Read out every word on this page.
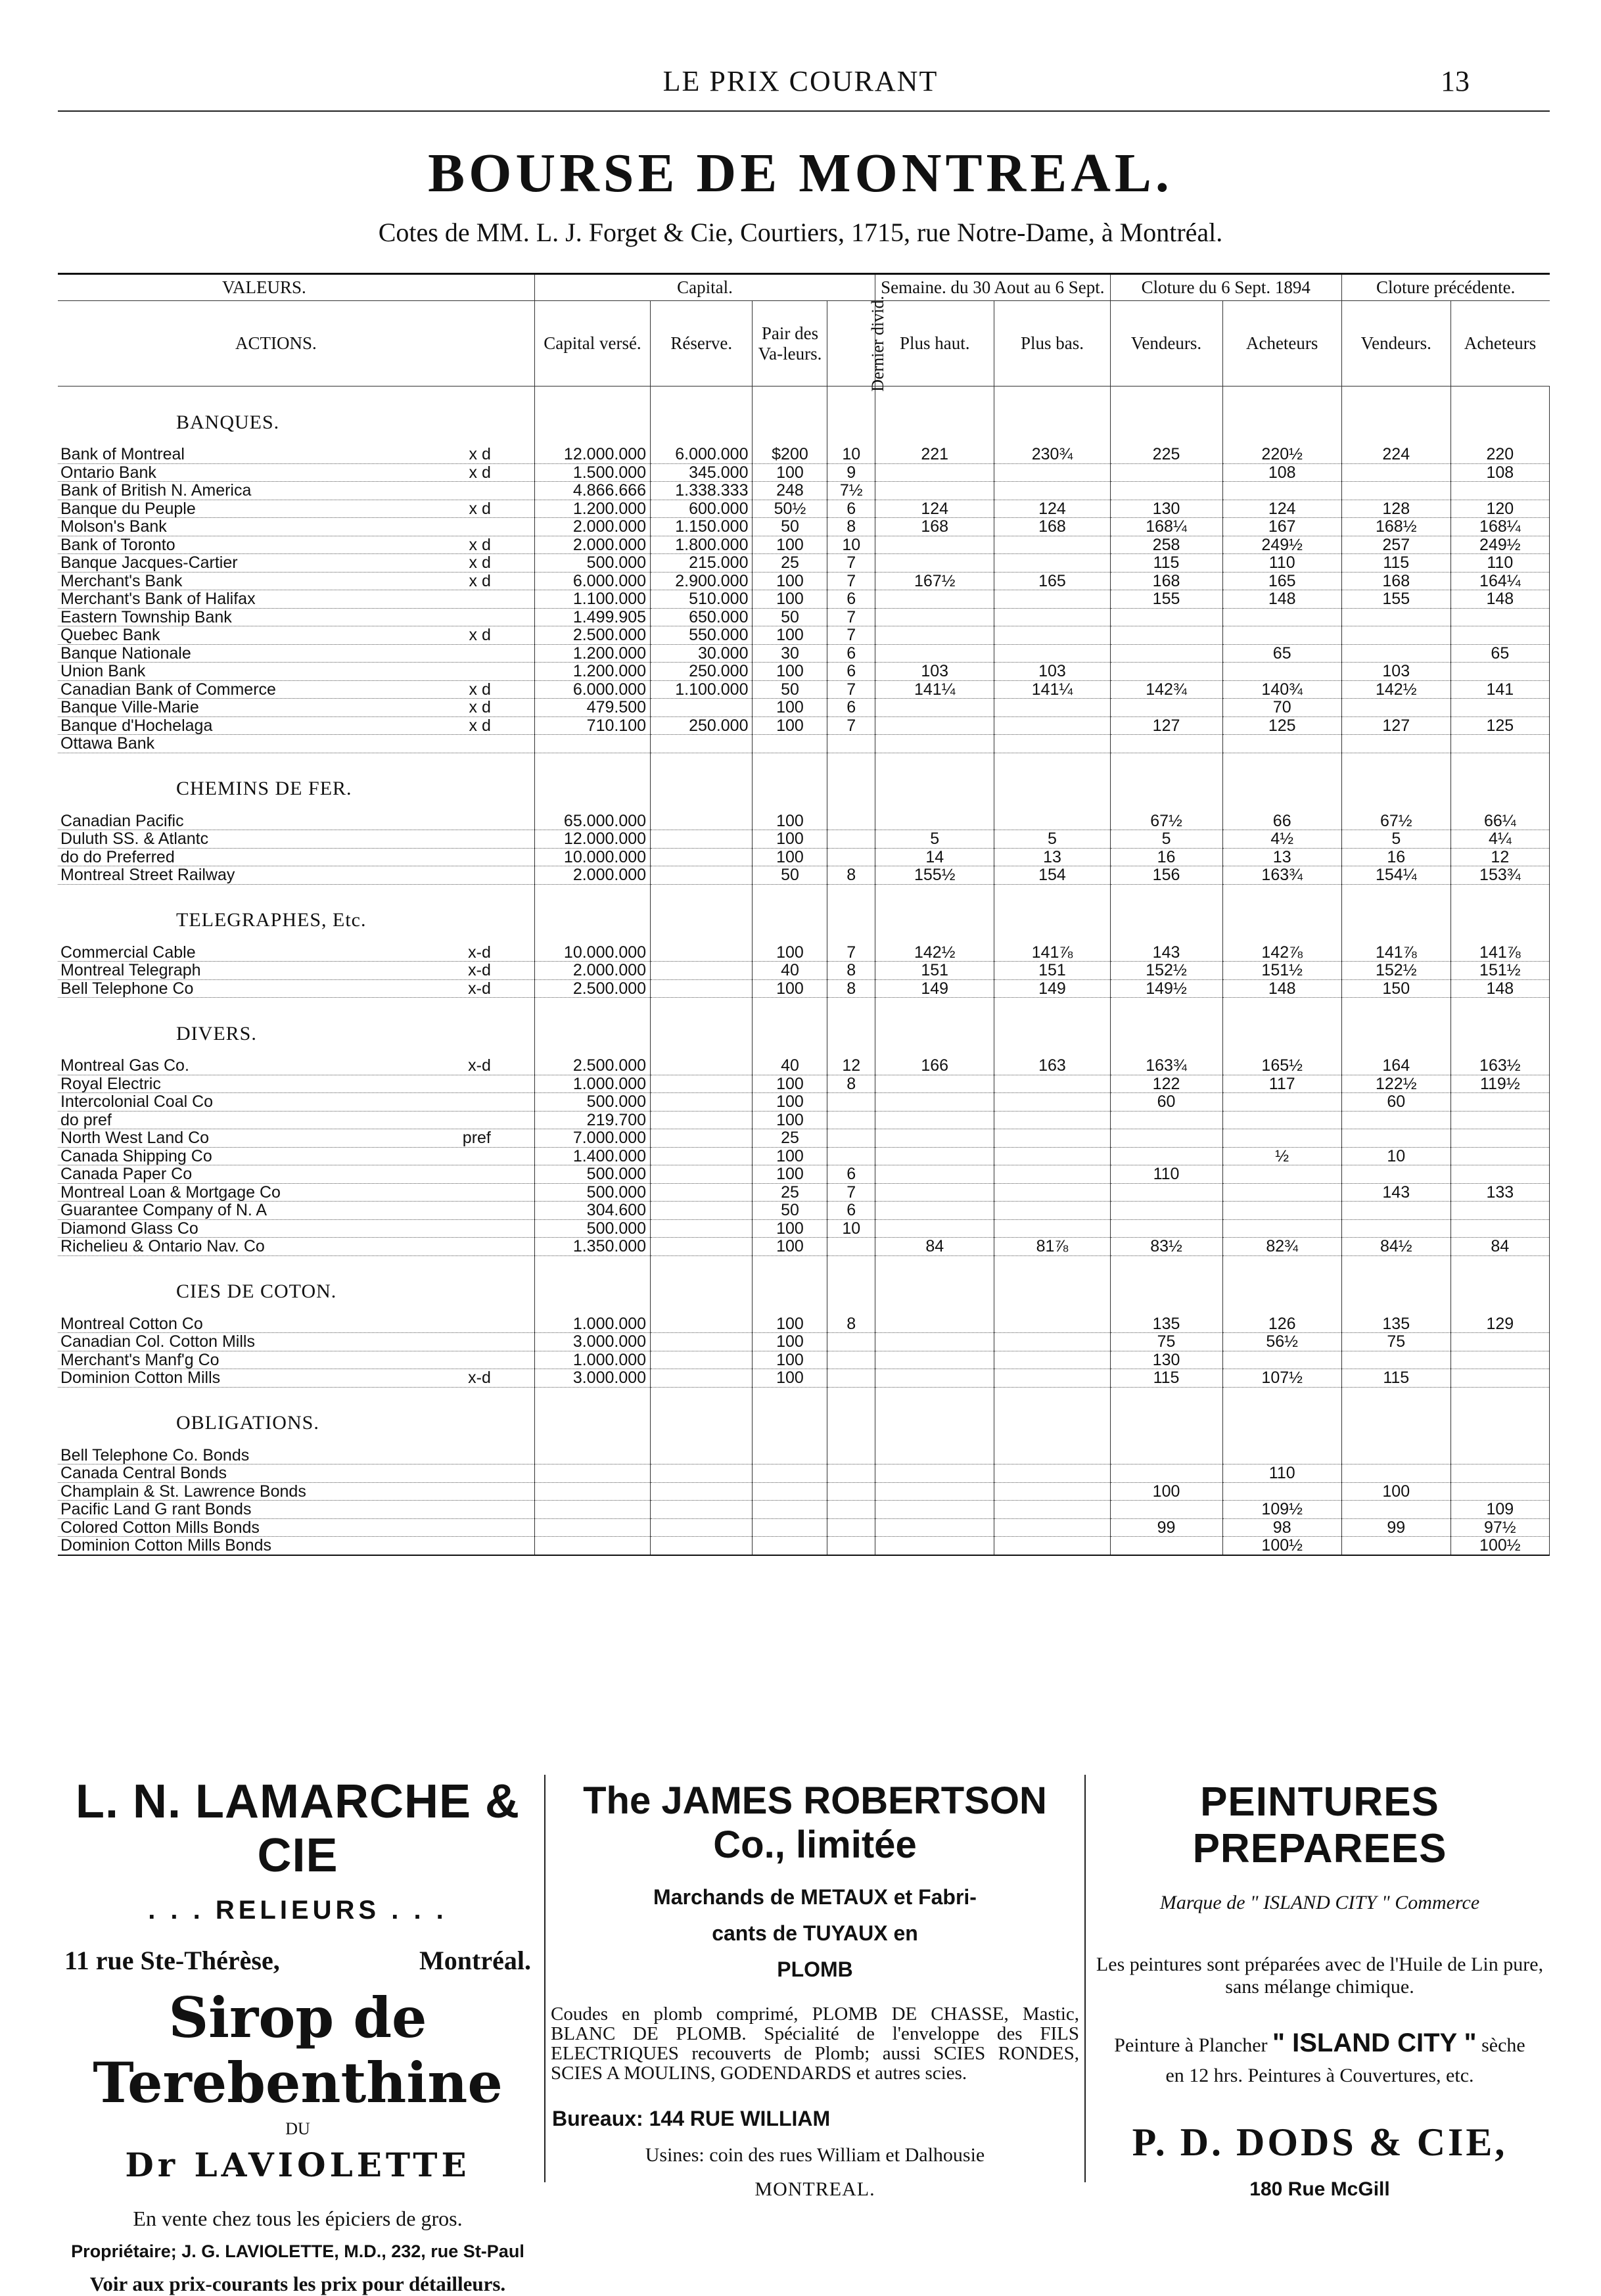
LE PRIX COURANT	13
BOURSE DE MONTREAL.
Cotes de MM. L. J. Forget & Cie, Courtiers, 1715, rue Notre-Dame, à Montréal.
VALEURS.	Capital.				Semaine. du 30 Aout au 6 Sept.		Cloture du 6 Sept. 1894		Cloture précédente.	
ACTIONS.	Capital versé.	Réserve.	Pair des Va-leurs.	Dernier divid.	Plus haut.	Plus bas.	Vendeurs.	Acheteurs	Vendeurs.	Acheteurs
BANQUES.										
Bank of Montreal x d	12.000.000	6.000.000	$200	10	221	230¾	225	220½	224	220
Ontario Bank x d	1.500.000	345.000	100	9				108		108
Bank of British N. America	4.866.666	1.338.333	248	7½						
Banque du Peuple x d	1.200.000	600.000	50½	6	124	124	130	124	128	120
Molson's Bank	2.000.000	1.150.000	50	8	168	168	168¼	167	168½	168¼
Bank of Toronto x d	2.000.000	1.800.000	100	10			258	249½	257	249½
Banque Jacques-Cartier x d	500.000	215.000	25	7			115	110	115	110
Merchant's Bank x d	6.000.000	2.900.000	100	7	167½	165	168	165	168	164¼
Merchant's Bank of Halifax	1.100.000	510.000	100	6			155	148	155	148
Eastern Township Bank	1.499.905	650.000	50	7						
Quebec Bank x d	2.500.000	550.000	100	7						
Banque Nationale	1.200.000	30.000	30	6				65		65
Union Bank	1.200.000	250.000	100	6	103	103			103	
Canadian Bank of Commerce x d	6.000.000	1.100.000	50	7	141¼	141¼	142¾	140¾	142½	141
Banque Ville-Marie x d	479.500		100	6				70		
Banque d'Hochelaga x d	710.100	250.000	100	7			127	125	127	125
Ottawa Bank

CHEMINS DE FER.										
Canadian Pacific	65.000.000		100				67½	66	67½	66¼
Duluth SS. & Atlantc	12.000.000		100		5	5	5	4½	5	4¼
do do Preferred	10.000.000		100		14	13	16	13	16	12
Montreal Street Railway	2.000.000		50	8	155½	154	156	163¾	154¼	153¾
TELEGRAPHES, Etc.										
Commercial Cable x-d	10.000.000		100	7	142½	141⅞	143	142⅞	141⅞	141⅞
Montreal Telegraph x-d	2.000.000		40	8	151	151	152½	151½	152½	151½
Bell Telephone Co x-d	2.500.000		100	8	149	149	149½	148	150	148
DIVERS.										
Montreal Gas Co. x-d	2.500.000		40	12	166	163	163¾	165½	164	163½
Royal Electric	1.000.000		100	8			122	117	122½	119½
Intercolonial Coal Co	500.000		100				60		60	
do pref	219.700		100							
North West Land Co pref	7.000.000		25							
Canada Shipping Co	1.400.000		100					½	10	
Canada Paper Co	500.000		100	6			110			
Montreal Loan & Mortgage Co	500.000		25	7					143	133
Guarantee Company of N. A	304.600		50	6						
Diamond Glass Co	500.000		100	10						
Richelieu & Ontario Nav. Co	1.350.000		100		84	81⅞	83½	82¾	84½	84
CIES DE COTON.										
Montreal Cotton Co	1.000.000		100	8			135	126	135	129
Canadian Col. Cotton Mills	3.000.000		100				75	56½	75	
Merchant's Manf'g Co	1.000.000		100				130			
Dominion Cotton Mills x-d	3.000.000		100				115	107½	115	
OBLIGATIONS.										
Bell Telephone Co. Bonds

Canada Central Bonds								110		
Champlain & St. Lawrence Bonds							100		100	
Pacific Land G rant Bonds								109½		109
Colored Cotton Mills Bonds							99	98	99	97½
Dominion Cotton Mills Bonds								100½		100½
L. N. LAMARCHE & CIE
. . . RELIEURS . . .
11 rue Ste-Thérèse,	Montréal.
Sirop de Terebenthine
DU
Dr LAVIOLETTE
En vente chez tous les épiciers de gros.
Propriétaire; J. G. LAVIOLETTE, M.D., 232, rue St-Paul
Voir aux prix-courants les prix pour détailleurs.
The JAMES ROBERTSON Co., limitée
Marchands de METAUX et Fabri-
cants de TUYAUX en
PLOMB
Coudes en plomb comprimé, PLOMB DE CHASSE, Mastic, BLANC DE PLOMB. Spécialité de l'enveloppe des FILS ELECTRIQUES recouverts de Plomb; aussi SCIES RONDES, SCIES A MOULINS, GODENDARDS et autres scies.
Bureaux: 144 RUE WILLIAM
Usines: coin des rues William et Dalhousie
MONTREAL.
PEINTURES PREPAREES
Marque de " ISLAND CITY " Commerce
Les peintures sont préparées avec de l'Huile de Lin pure, sans mélange chimique.
Peinture à Plancher " ISLAND CITY " sèche
en 12 hrs. Peintures à Couvertures, etc.
P. D. DODS & CIE,
180 Rue McGill
